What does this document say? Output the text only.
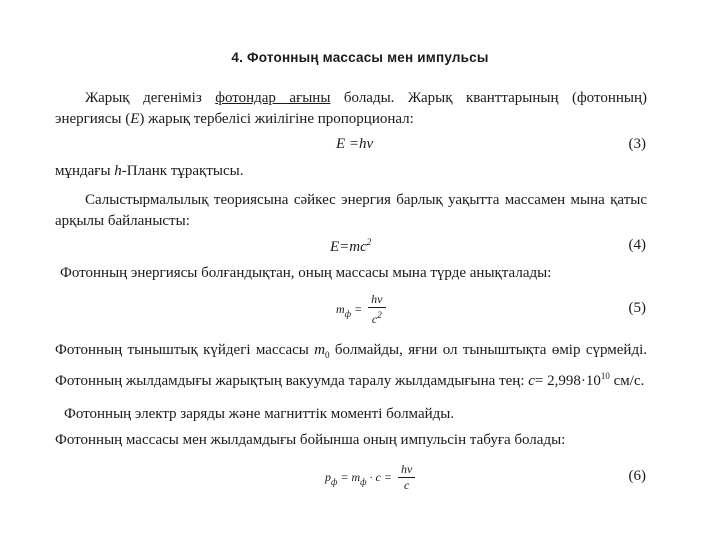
4. Фотонның массасы мен импульсы
Жарық дегеніміз фотондар ағыны болады. Жарық кванттарының (фотонның) энергиясы (E) жарық тербелісі жиілігіне пропорционал:
E =hv	(3)
мұндағы h-Планк тұрақтысы.
Салыстырмалылық теориясына сәйкес энергия барлық уақытта массамен мына қатыс арқылы байланысты:
$E=mc^2$	(4)
Фотонның энергиясы болғандықтан, оның массасы мына түрде анықталады:
$m_ф = \frac{hv}{c^2}$	(5)
Фотонның тыныштық күйдегі массасы $m_0$ болмайды, яғни ол тыныштықта өмір сүрмейді. Фотонның жылдамдығы жарықтың вакуумда таралу жылдамдығына тең: $c= 2,998\cdot 10^{10}$ см/с.
Фотонның электр заряды және магниттік моменті болмайды.
Фотонның массасы мен жылдамдығы бойынша оның импульсін табуға болады:
$p_ф = m_ф \cdot c = \frac{hv}{c}$	(6)
